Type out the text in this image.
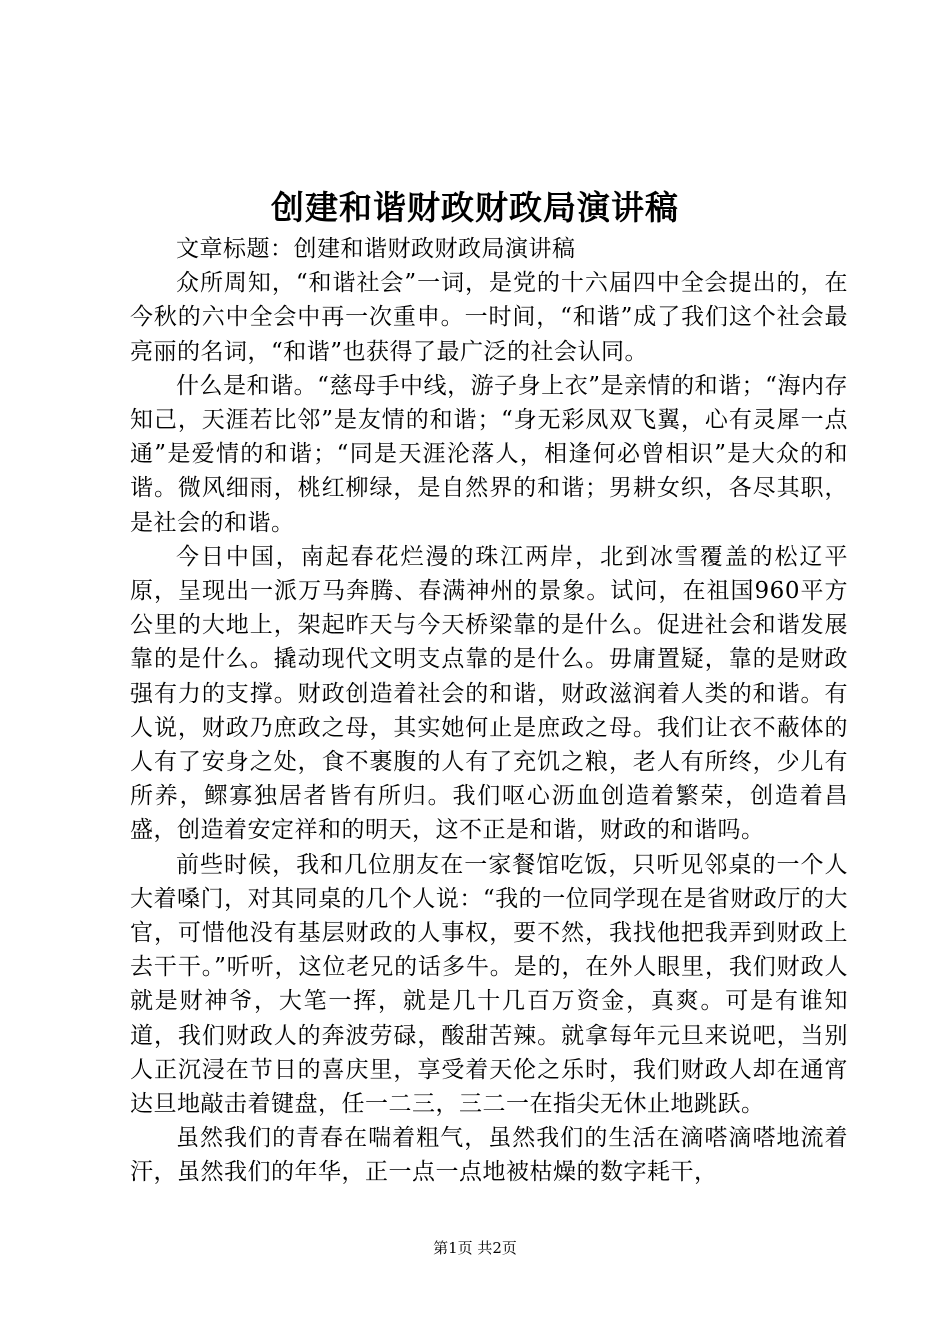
创建和谐财政财政局演讲稿

文章标题：创建和谐财政财政局演讲稿

众所周知，“和谐社会”一词，是党的十六届四中全会提出的，在今秋的六中全会中再一次重申。一时间，“和谐”成了我们这个社会最亮丽的名词，“和谐”也获得了最广泛的社会认同。

什么是和谐。“慈母手中线，游子身上衣”是亲情的和谐；“海内存知己，天涯若比邻”是友情的和谐；“身无彩凤双飞翼，心有灵犀一点通”是爱情的和谐；“同是天涯沦落人，相逢何必曾相识”是大众的和谐。微风细雨，桃红柳绿，是自然界的和谐；男耕女织，各尽其职，是社会的和谐。

今日中国，南起春花烂漫的珠江两岸，北到冰雪覆盖的松辽平原，呈现出一派万马奔腾、春满神州的景象。试问，在祖国960平方公里的大地上，架起昨天与今天桥梁靠的是什么。促进社会和谐发展靠的是什么。撬动现代文明支点靠的是什么。毋庸置疑，靠的是财政强有力的支撑。财政创造着社会的和谐，财政滋润着人类的和谐。有人说，财政乃庶政之母，其实她何止是庶政之母。我们让衣不蔽体的人有了安身之处，食不裹腹的人有了充饥之粮，老人有所终，少儿有所养，鳏寡独居者皆有所归。我们呕心沥血创造着繁荣，创造着昌盛，创造着安定祥和的明天，这不正是和谐，财政的和谐吗。

前些时候，我和几位朋友在一家餐馆吃饭，只听见邻桌的一个人大着嗓门，对其同桌的几个人说：“我的一位同学现在是省财政厅的大官，可惜他没有基层财政的人事权，要不然，我找他把我弄到财政上去干干。”听听，这位老兄的话多牛。是的，在外人眼里，我们财政人就是财神爷，大笔一挥，就是几十几百万资金，真爽。可是有谁知道，我们财政人的奔波劳碌，酸甜苦辣。就拿每年元旦来说吧，当别人正沉浸在节日的喜庆里，享受着天伦之乐时，我们财政人却在通宵达旦地敲击着键盘，任一二三，三二一在指尖无休止地跳跃。

虽然我们的青春在喘着粗气，虽然我们的生活在滴嗒滴嗒地流着汗，虽然我们的年华，正一点一点地被枯燥的数字耗干，

第1页 共2页
